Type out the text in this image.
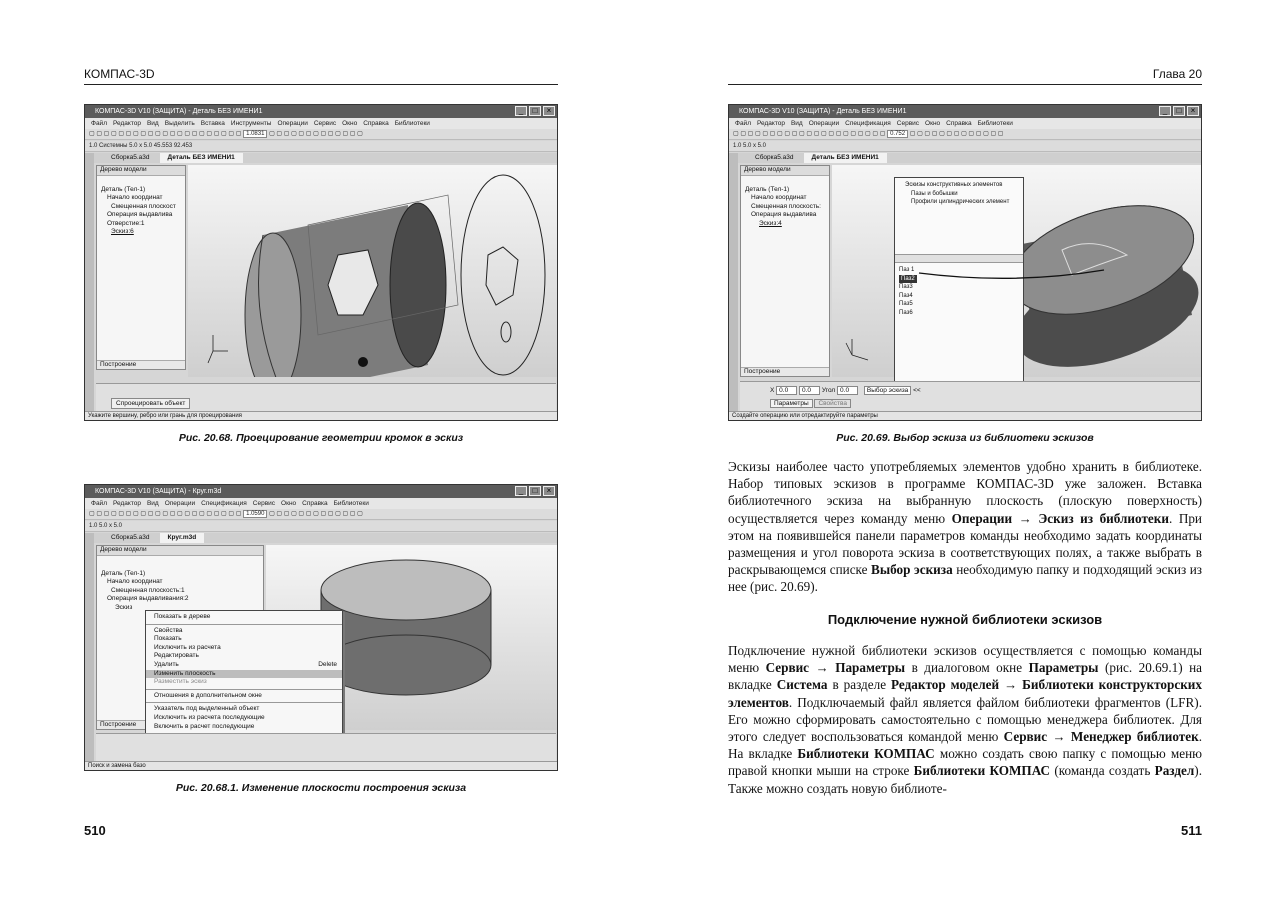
КОМПАС-3D
КОМПАС-3D V10 (ЗАЩИТА) - Деталь БЕЗ ИМЕНИ1	_	□	×
Файл Редактор Вид Выделить Вставка Инструменты Операции Сервис Окно Справка Библиотеки
▢ ▢ ▢ ▢ ▢ ▢ ▢ ▢ ▢ ▢ ▢ ▢ ▢ ▢ ▢ ▢ ▢ ▢ ▢ ▢ ▢ 1.0831 ▢ ▢ ▢ ▢ ▢ ▢ ▢ ▢ ▢ ▢ ▢ ▢ ▢
1.0 Системны 5.0 x 5.0 45.553 92.453
Сборка5.a3d	Деталь БЕЗ ИМЕНИ1
Дерево модели
Деталь (Тел-1)
Начало координат
Смещенная плоскост
Операция выдавлива
Отверстие:1
Эскиз:6
Построение
Спроецировать объект
Укажите вершину, ребро или грань для проецирования
Рис. 20.68. Проецирование геометрии кромок в эскиз
КОМПАС-3D V10 (ЗАЩИТА) - Круг.m3d	_	□	×
Файл Редактор Вид Операции Спецификация Сервис Окно Справка Библиотеки
▢ ▢ ▢ ▢ ▢ ▢ ▢ ▢ ▢ ▢ ▢ ▢ ▢ ▢ ▢ ▢ ▢ ▢ ▢ ▢ ▢ 1.0590 ▢ ▢ ▢ ▢ ▢ ▢ ▢ ▢ ▢ ▢ ▢ ▢ ▢
1.0 5.0 x 5.0
Сборка5.a3d	Круг.m3d
Дерево модели
Деталь (Тел-1)
Начало координат
Смещенная плоскость:1
Операция выдавливания:2
Эскиз
Построение
Показать в дереве
Свойства
Показать
Исключить из расчета
Редактировать
Удалить	Delete
Изменить плоскость
Разместить эскиз
Отношения в дополнительном окне
Указатель под выделенный объект
Исключить из расчета последующие
Включить в расчет последующие
Поиск и замена базо
Рис. 20.68.1. Изменение плоскости построения эскиза
510
Глава 20
КОМПАС-3D V10 (ЗАЩИТА) - Деталь БЕЗ ИМЕНИ1	_	□	×
Файл Редактор Вид Операции Спецификация Сервис Окно Справка Библиотеки
▢ ▢ ▢ ▢ ▢ ▢ ▢ ▢ ▢ ▢ ▢ ▢ ▢ ▢ ▢ ▢ ▢ ▢ ▢ ▢ ▢ 0.752 ▢ ▢ ▢ ▢ ▢ ▢ ▢ ▢ ▢ ▢ ▢ ▢ ▢
1.0 5.0 x 5.0
Сборка5.a3d	Деталь БЕЗ ИМЕНИ1
Дерево модели
Деталь (Тел-1)
Начало координат
Смещенная плоскость:
Операция выдавлива
Эскиз:4
Построение
Эскизы конструктивных элементов
Пазы и бобышки
Профили цилиндрических элемент
Паз 1
Паз2
Паз3
Паз4
Паз5
Паз6
X 0.0 0.0 Угол 0.0	Выбор эскиза <<
Параметры Свойства
Создайте операцию или отредактируйте параметры
Рис. 20.69. Выбор эскиза из библиотеки эскизов

Эскизы наиболее часто употребляемых элементов удобно хранить в библиотеке. Набор типовых эскизов в программе КОМПАС-3D уже заложен. Вставка библиотечного эскиза на выбранную плоскость (плоскую поверхность) осуществляется через команду меню Операции → Эскиз из библиотеки. При этом на появившейся панели параметров команды необходимо задать координаты размещения и угол поворота эскиза в соответствующих полях, а также выбрать в раскрывающемся списке Выбор эскиза необходимую папку и подходящий эскиз из нее (рис. 20.69).

Подключение нужной библиотеки эскизов

Подключение нужной библиотеки эскизов осуществляется с помощью команды меню Сервис → Параметры в диалоговом окне Параметры (рис. 20.69.1) на вкладке Система в разделе Редактор моделей → Библиотеки конструкторских элементов. Подключаемый файл является файлом библиотеки фрагментов (LFR). Его можно сформировать самостоятельно с помощью менеджера библиотек. Для этого следует воспользоваться командой меню Сервис → Менеджер библиотек. На вкладке Библиотеки КОМПАС можно создать свою папку с помощью меню правой кнопки мыши на строке Библиотеки КОМПАС (команда создать Раздел). Также можно создать новую библиоте-

511
